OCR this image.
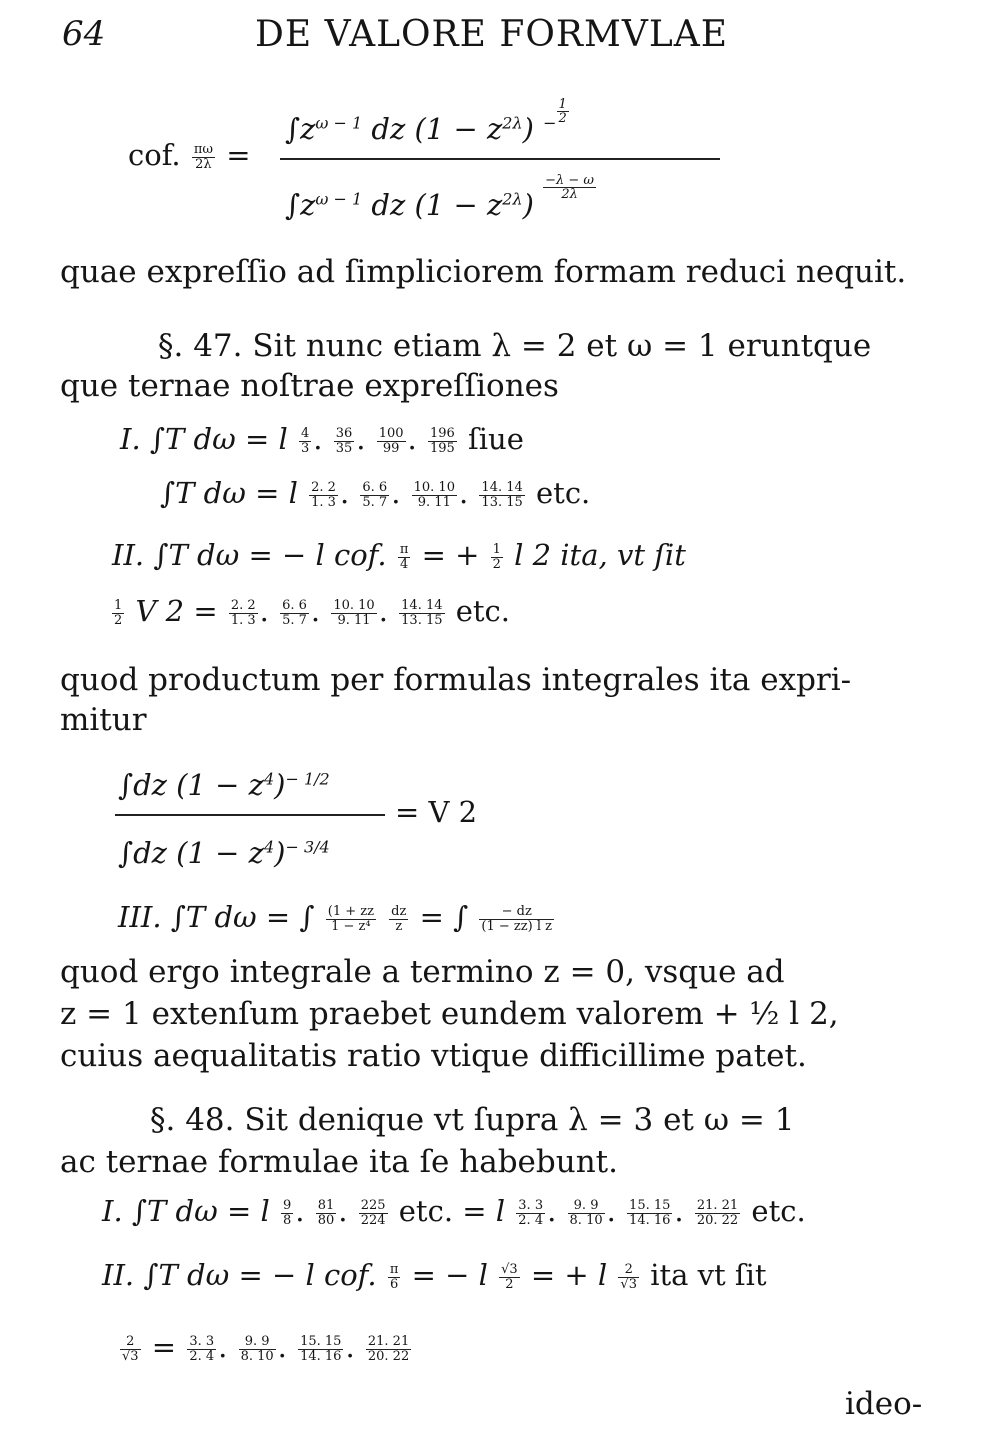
64	DE VALORE FORMVLAE
cof. $\frac{\pi\omega}{2\lambda}$ =
$\int z^{\omega - 1}$ dz $(1 - z^{2\lambda})$ $^- \frac{1}{2}$
$\int z^{\omega - 1}$ dz $(1 - z^{2\lambda})$
$\frac{-\lambda - \omega}{2\lambda}$
quae expreſſio ad ſimpliciorem formam reduci nequit.
§. 47. Sit nunc etiam λ = 2 et ω = 1 eruntque
que ternae noſtrae expreſſiones
I. ∫T dω = l $\frac{4}{3}$ . $\frac{36}{35}$ . $\frac{100}{99}$ . $\frac{196}{195}$ ſiue
∫T dω = l $\frac{2. 2}{1. 3}$ . $\frac{6. 6}{5. 7}$ . $\frac{10. 10}{9. 11}$ . $\frac{14. 14}{13. 15}$ etc.
II. ∫T dω = − l cof. $\frac{\pi}{4}$ = + $\frac{1}{2}$ l 2 ita, vt ſit
$\frac{1}{2}$ V $2 = \frac{2. 2}{1. 3}$ . $\frac{6. 6}{5. 7}$ . $\frac{10. 10}{9. 11}$ . $\frac{14. 14}{13. 15}$ etc.
quod productum per formulas integrales ita expri-
mitur
∫dz $(1 - z^4)^{- 1/2}$
= V 2
∫dz $(1 - z^4)^{- 3/4}$
III. ∫T dω = ∫ $\frac{(1 + zz}{\text{1 − z⁴}}$
$\frac{dz}{z}$ = ∫ $\frac{- dz}{\text{(1 − zz) l z}}$
quod ergo integrale a termino z = 0, vsque ad
z = 1 extenſum praebet eundem valorem + ½ l 2,
cuius aequalitatis ratio vtique difficillime patet.
§. 48. Sit denique vt ſupra λ = 3 et ω = 1
ac ternae formulae ita ſe habebunt.
I. ∫T dω = l $\frac{9}{8}$ . $\frac{81}{80}$ . $\frac{225}{224}$ etc. = l $\frac{3. 3}{2. 4}$ . $\frac{9. 9}{8. 10}$ . $\frac{15. 15}{14. 16}$ . $\frac{21. 21}{20. 22}$ etc.
II. ∫T dω = − l cof. $\frac{\pi}{6}$ = − l $\frac{√3}{2}$ = + l $\frac{2}{√3}$ ita vt ſit
$\frac{2}{√3} = \frac{3. 3}{2. 4}$ . $\frac{9. 9}{8. 10}$ . $\frac{15. 15}{14. 16}$ . $\frac{21. 21}{20. 22}$
ideo-
